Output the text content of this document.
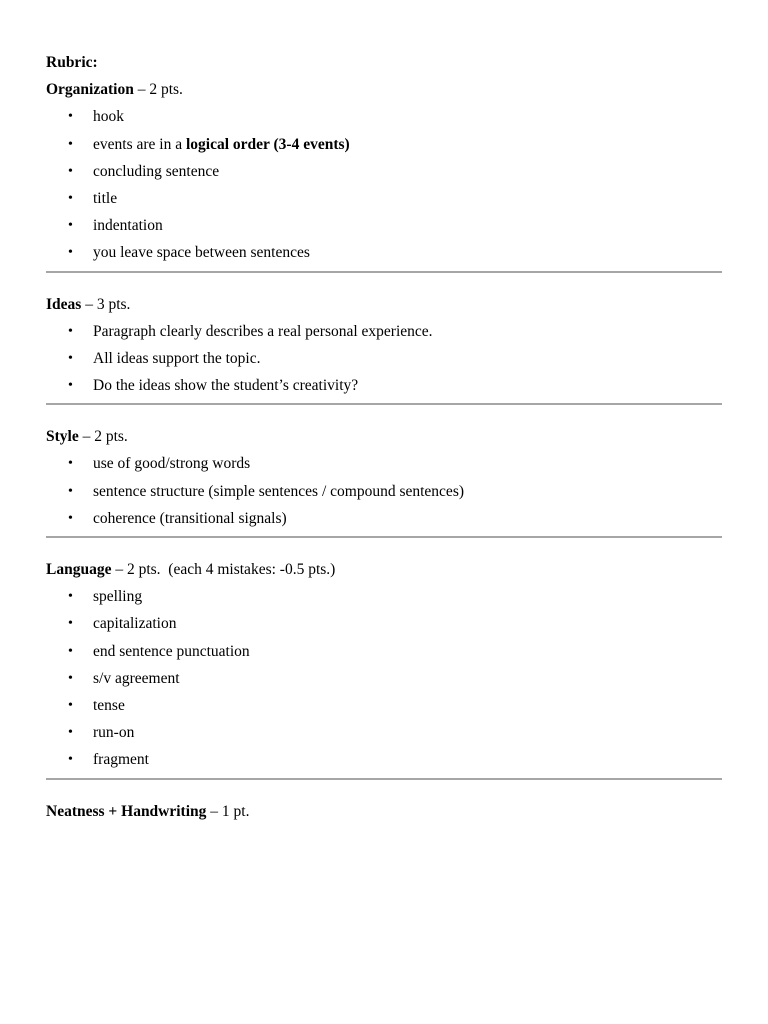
Rubric:
Organization – 2 pts.
• hook
• events are in a logical order (3-4 events)
• concluding sentence
• title
• indentation
• you leave space between sentences
Ideas – 3 pts.
• Paragraph clearly describes a real personal experience.
• All ideas support the topic.
• Do the ideas show the student’s creativity?
Style – 2 pts.
• use of good/strong words
• sentence structure (simple sentences / compound sentences)
• coherence (transitional signals)
Language – 2 pts.  (each 4 mistakes: -0.5 pts.)
• spelling
• capitalization
• end sentence punctuation
• s/v agreement
• tense
• run-on
• fragment
Neatness + Handwriting – 1 pt.
